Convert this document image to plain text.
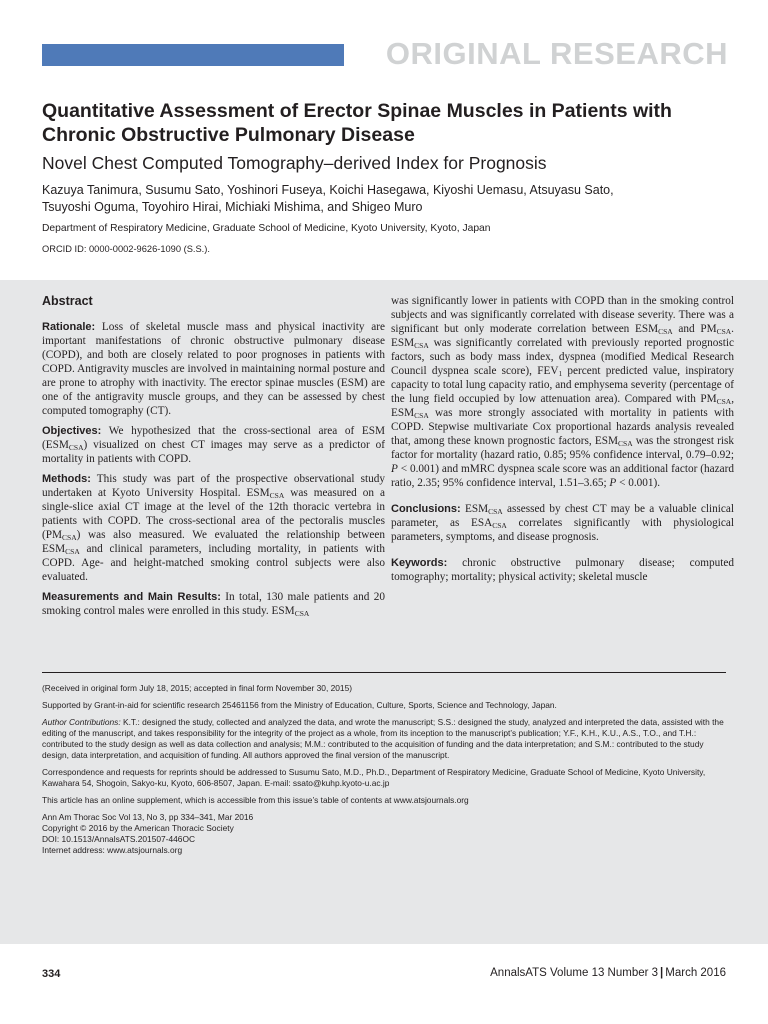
ORIGINAL RESEARCH
Quantitative Assessment of Erector Spinae Muscles in Patients with Chronic Obstructive Pulmonary Disease
Novel Chest Computed Tomography–derived Index for Prognosis
Kazuya Tanimura, Susumu Sato, Yoshinori Fuseya, Koichi Hasegawa, Kiyoshi Uemasu, Atsuyasu Sato,
Tsuyoshi Oguma, Toyohiro Hirai, Michiaki Mishima, and Shigeo Muro
Department of Respiratory Medicine, Graduate School of Medicine, Kyoto University, Kyoto, Japan
ORCID ID: 0000-0002-9626-1090 (S.S.).
Abstract

Rationale: Loss of skeletal muscle mass and physical inactivity are important manifestations of chronic obstructive pulmonary disease (COPD), and both are closely related to poor prognoses in patients with COPD. Antigravity muscles are involved in maintaining normal posture and are prone to atrophy with inactivity. The erector spinae muscles (ESM) are one of the antigravity muscle groups, and they can be assessed by chest computed tomography (CT).

Objectives: We hypothesized that the cross-sectional area of ESM $(ESM_{CSA})$ visualized on chest CT images may serve as a predictor of mortality in patients with COPD.

Methods: This study was part of the prospective observational study undertaken at Kyoto University Hospital. $ESM_{CSA}$ was measured on a single-slice axial CT image at the level of the 12th thoracic vertebra in patients with COPD. The cross-sectional area of the pectoralis muscles $(PM_{CSA})$ was also measured. We evaluated the relationship between $ESM_{CSA}$ and clinical parameters, including mortality, in patients with COPD. Age- and height-matched smoking control subjects were also evaluated.

Measurements and Main Results: In total, 130 male patients and 20 smoking control males were enrolled in this study. $ESM_{CSA}$

was significantly lower in patients with COPD than in the smoking control subjects and was significantly correlated with disease severity. There was a significant but only moderate correlation between $ESM_{CSA}$ and $PM_{CSA}$. $ESM_{CSA}$ was significantly correlated with previously reported prognostic factors, such as body mass index, dyspnea (modified Medical Research Council dyspnea scale score), $FEV_1$ percent predicted value, inspiratory capacity to total lung capacity ratio, and emphysema severity (percentage of the lung field occupied by low attenuation area). Compared with $PM_{CSA}$, $ESM_{CSA}$ was more strongly associated with mortality in patients with COPD. Stepwise multivariate Cox proportional hazards analysis revealed that, among these known prognostic factors, $ESM_{CSA}$ was the strongest risk factor for mortality (hazard ratio, 0.85; 95% confidence interval, 0.79–0.92; P < 0.001) and mMRC dyspnea scale score was an additional factor (hazard ratio, 2.35; 95% confidence interval, 1.51–3.65; P < 0.001).

Conclusions: $ESM_{CSA}$ assessed by chest CT may be a valuable clinical parameter, as $ESA_{CSA}$ correlates significantly with physiological parameters, symptoms, and disease prognosis.

Keywords: chronic obstructive pulmonary disease; computed tomography; mortality; physical activity; skeletal muscle

(Received in original form July 18, 2015; accepted in final form November 30, 2015)

Supported by Grant-in-aid for scientific research 25461156 from the Ministry of Education, Culture, Sports, Science and Technology, Japan.

Author Contributions: K.T.: designed the study, collected and analyzed the data, and wrote the manuscript; S.S.: designed the study, analyzed and interpreted the data, assisted with the editing of the manuscript, and takes responsibility for the integrity of the project as a whole, from its inception to the manuscript’s publication; Y.F., K.H., K.U., A.S., T.O., and T.H.: contributed to the study design as well as data collection and analysis; M.M.: contributed to the acquisition of funding and the data interpretation; and S.M.: contributed to the study design, data interpretation, and acquisition of funding. All authors approved the final version of the manuscript.

Correspondence and requests for reprints should be addressed to Susumu Sato, M.D., Ph.D., Department of Respiratory Medicine, Graduate School of Medicine, Kyoto University, Kawahara 54, Shogoin, Sakyo-ku, Kyoto, 606-8507, Japan. E-mail: ssato@kuhp.kyoto-u.ac.jp

This article has an online supplement, which is accessible from this issue’s table of contents at www.atsjournals.org

Ann Am Thorac Soc Vol 13, No 3, pp 334–341, Mar 2016
Copyright © 2016 by the American Thoracic Society
DOI: 10.1513/AnnalsATS.201507-446OC
Internet address: www.atsjournals.org
334	AnnalsATS Volume 13 Number 3 | March 2016
